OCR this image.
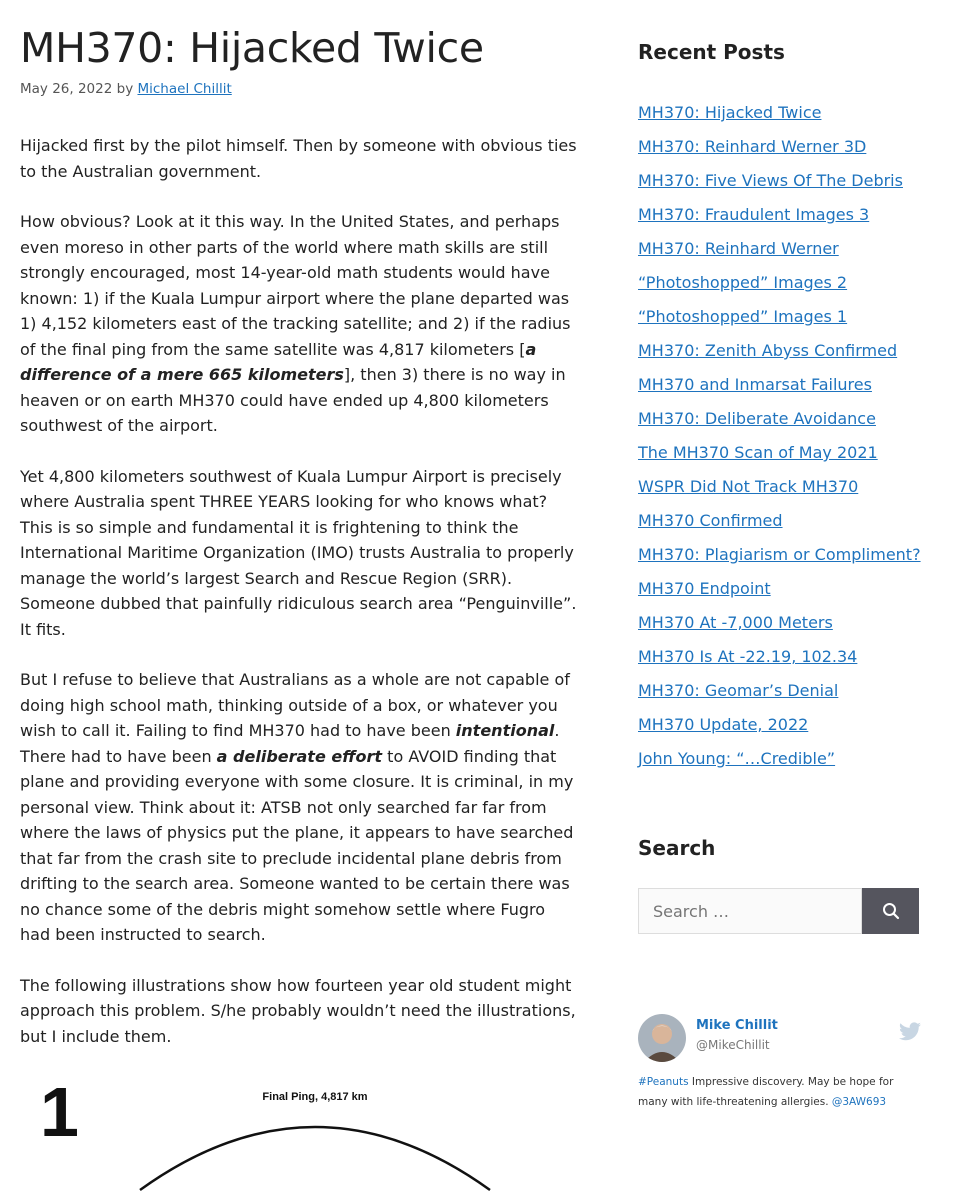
MH370: Hijacked Twice
May 26, 2022 by Michael Chillit

Hijacked first by the pilot himself. Then by someone with obvious ties to the Australian government.

How obvious? Look at it this way. In the United States, and perhaps even moreso in other parts of the world where math skills are still strongly encouraged, most 14-year-old math students would have known: 1) if the Kuala Lumpur airport where the plane departed was 1) 4,152 kilometers east of the tracking satellite; and 2) if the radius of the final ping from the same satellite was 4,817 kilometers [a difference of a mere 665 kilometers], then 3) there is no way in heaven or on earth MH370 could have ended up 4,800 kilometers southwest of the airport.

Yet 4,800 kilometers southwest of Kuala Lumpur Airport is precisely where Australia spent THREE YEARS looking for who knows what? This is so simple and fundamental it is frightening to think the International Maritime Organization (IMO) trusts Australia to properly manage the world’s largest Search and Rescue Region (SRR). Someone dubbed that painfully ridiculous search area “Penguinville”. It fits.

But I refuse to believe that Australians as a whole are not capable of doing high school math, thinking outside of a box, or whatever you wish to call it. Failing to find MH370 had to have been intentional. There had to have been a deliberate effort to AVOID finding that plane and providing everyone with some closure. It is criminal, in my personal view. Think about it: ATSB not only searched far far from where the laws of physics put the plane, it appears to have searched that far from the crash site to preclude incidental plane debris from drifting to the search area. Someone wanted to be certain there was no chance some of the debris might somehow settle where Fugro had been instructed to search.

The following illustrations show how fourteen year old student might approach this problem. S/he probably wouldn’t need the illustrations, but I include them.

1	Final Ping, 4,817 km
Recent Posts
MH370: Hijacked Twice
MH370: Reinhard Werner 3D
MH370: Five Views Of The Debris
MH370: Fraudulent Images 3
MH370: Reinhard Werner
“Photoshopped” Images 2
“Photoshopped” Images 1
MH370: Zenith Abyss Confirmed
MH370 and Inmarsat Failures
MH370: Deliberate Avoidance
The MH370 Scan of May 2021
WSPR Did Not Track MH370
MH370 Confirmed
MH370: Plagiarism or Compliment?
MH370 Endpoint
MH370 At -7,000 Meters
MH370 Is At -22.19, 102.34
MH370: Geomar’s Denial
MH370 Update, 2022
John Young: “…Credible”
Search
Search …
Mike Chillit
@MikeChillit
#Peanuts Impressive discovery. May be hope for many with life-threatening allergies. @3AW693
